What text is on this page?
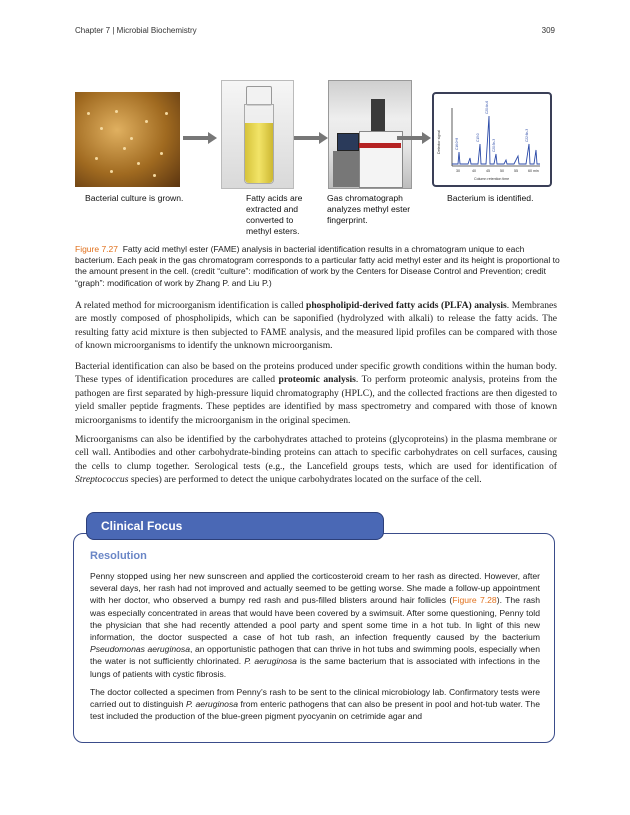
Chapter 7 | Microbial Biochemistry	309
Detector signal
Column retention time
30	40	45	50	55	60 min
C16:0+8
C15:0
C20:4n-6
C20:5n-3
C22:6n-3
Bacterial culture is grown.	Fatty acids are extracted and converted to methyl esters.
Gas chromatograph analyzes methyl ester fingerprint.
Bacterium is identified.
Figure 7.27 Fatty acid methyl ester (FAME) analysis in bacterial identification results in a chromatogram unique to each bacterium. Each peak in the gas chromatogram corresponds to a particular fatty acid methyl ester and its height is proportional to the amount present in the cell. (credit “culture”: modification of work by the Centers for Disease Control and Prevention; credit “graph”: modification of work by Zhang P. and Liu P.)

A related method for microorganism identification is called phospholipid-derived fatty acids (PLFA) analysis. Membranes are mostly composed of phospholipids, which can be saponified (hydrolyzed with alkali) to release the fatty acids. The resulting fatty acid mixture is then subjected to FAME analysis, and the measured lipid profiles can be compared with those of known microorganisms to identify the unknown microorganism.

Bacterial identification can also be based on the proteins produced under specific growth conditions within the human body. These types of identification procedures are called proteomic analysis. To perform proteomic analysis, proteins from the pathogen are first separated by high-pressure liquid chromatography (HPLC), and the collected fractions are then digested to yield smaller peptide fragments. These peptides are identified by mass spectrometry and compared with those of known microorganisms to identify the microorganism in the original specimen.

Microorganisms can also be identified by the carbohydrates attached to proteins (glycoproteins) in the plasma membrane or cell wall. Antibodies and other carbohydrate-binding proteins can attach to specific carbohydrates on cell surfaces, causing the cells to clump together. Serological tests (e.g., the Lancefield groups tests, which are used for identification of Streptococcus species) are performed to detect the unique carbohydrates located on the surface of the cell.

Clinical Focus
Resolution

Penny stopped using her new sunscreen and applied the corticosteroid cream to her rash as directed. However, after several days, her rash had not improved and actually seemed to be getting worse. She made a follow-up appointment with her doctor, who observed a bumpy red rash and pus-filled blisters around hair follicles (Figure 7.28). The rash was especially concentrated in areas that would have been covered by a swimsuit. After some questioning, Penny told the physician that she had recently attended a pool party and spent some time in a hot tub. In light of this new information, the doctor suspected a case of hot tub rash, an infection frequently caused by the bacterium Pseudomonas aeruginosa, an opportunistic pathogen that can thrive in hot tubs and swimming pools, especially when the water is not sufficiently chlorinated. P. aeruginosa is the same bacterium that is associated with infections in the lungs of patients with cystic fibrosis.

The doctor collected a specimen from Penny’s rash to be sent to the clinical microbiology lab. Confirmatory tests were carried out to distinguish P. aeruginosa from enteric pathogens that can also be present in pool and hot-tub water. The test included the production of the blue-green pigment pyocyanin on cetrimide agar and
